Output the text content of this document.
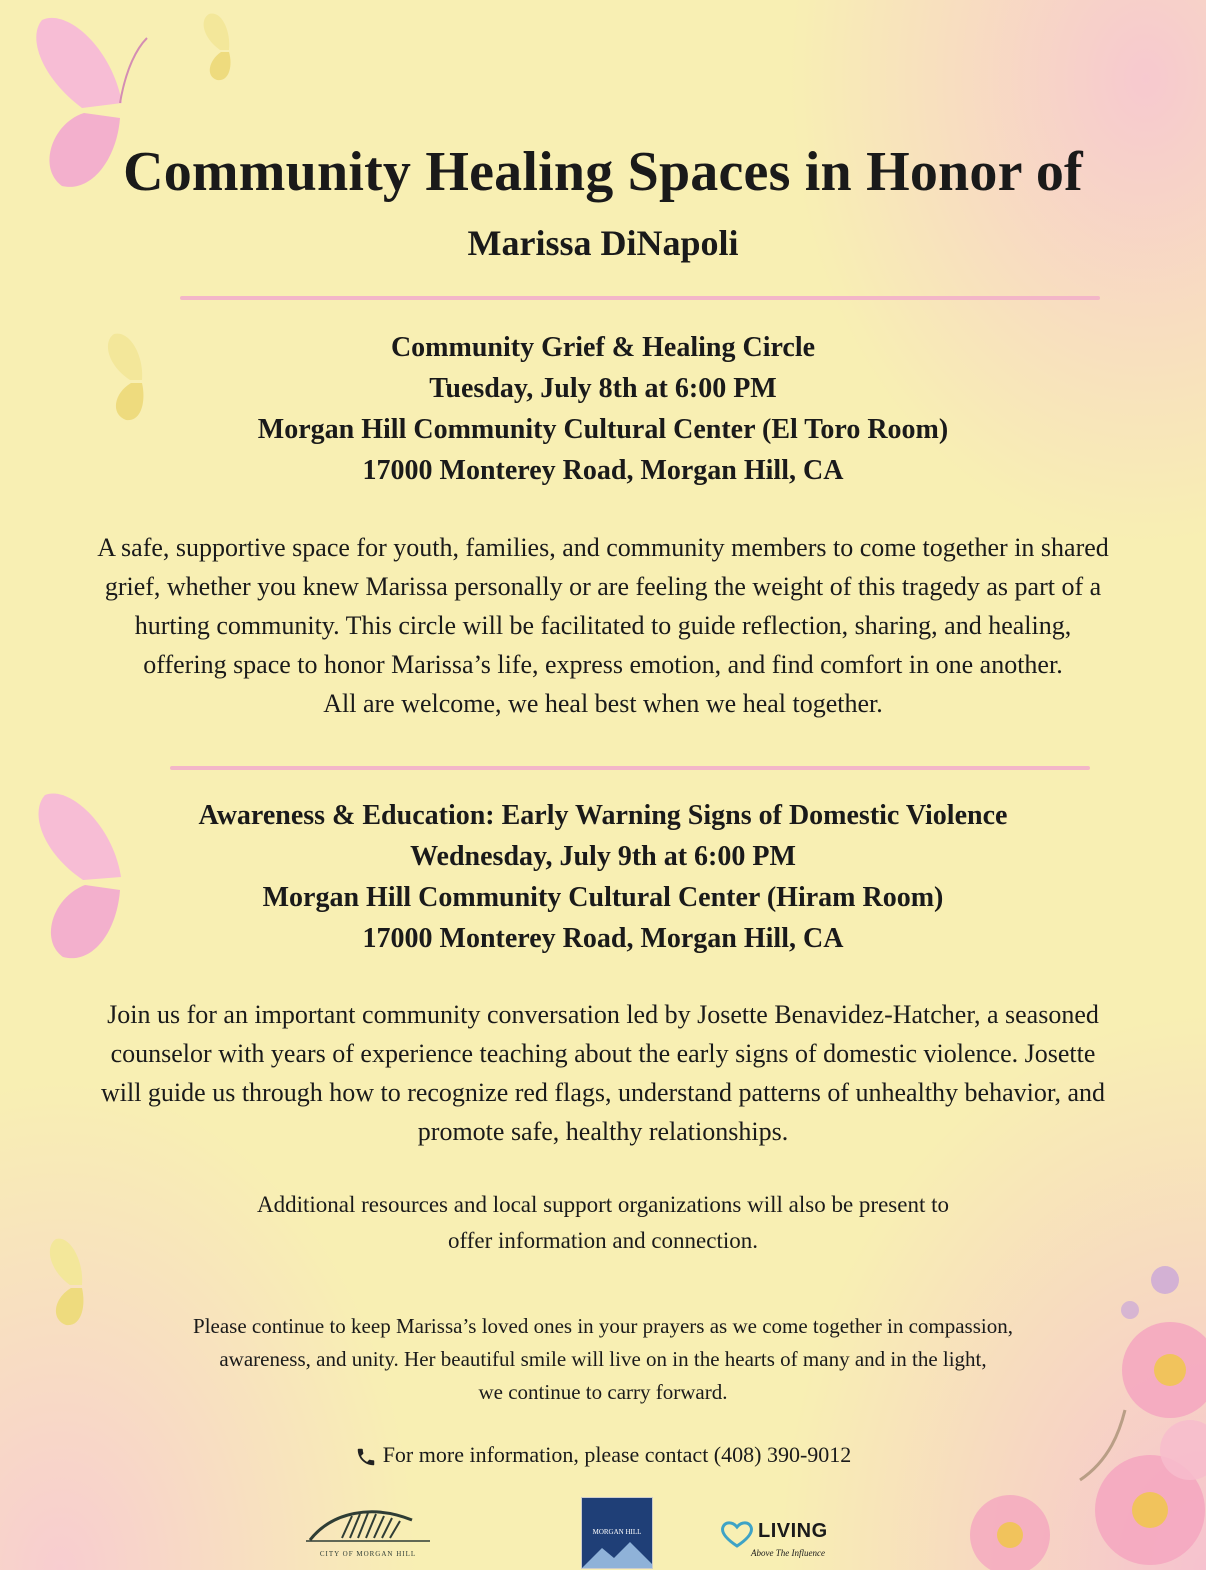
Community Healing Spaces in Honor of
Marissa DiNapoli
Community Grief & Healing Circle
Tuesday, July 8th at 6:00 PM
Morgan Hill Community Cultural Center (El Toro Room)
17000 Monterey Road, Morgan Hill, CA
A safe, supportive space for youth, families, and community members to come together in shared
grief, whether you knew Marissa personally or are feeling the weight of this tragedy as part of a
hurting community. This circle will be facilitated to guide reflection, sharing, and healing,
offering space to honor Marissa’s life, express emotion, and find comfort in one another.
All are welcome, we heal best when we heal together.
Awareness & Education: Early Warning Signs of Domestic Violence
Wednesday, July 9th at 6:00 PM
Morgan Hill Community Cultural Center (Hiram Room)
17000 Monterey Road, Morgan Hill, CA
Join us for an important community conversation led by Josette Benavidez-Hatcher, a seasoned
counselor with years of experience teaching about the early signs of domestic violence. Josette
will guide us through how to recognize red flags, understand patterns of unhealthy behavior, and
promote safe, healthy relationships.
Additional resources and local support organizations will also be present to
offer information and connection.
Please continue to keep Marissa’s loved ones in your prayers as we come together in compassion,
awareness, and unity. Her beautiful smile will live on in the hearts of many and in the light,
we continue to carry forward.
For more information, please contact (408) 390-9012
CITY OF MORGAN HILL
MORGAN HILL	LIVING
Above The Influence
